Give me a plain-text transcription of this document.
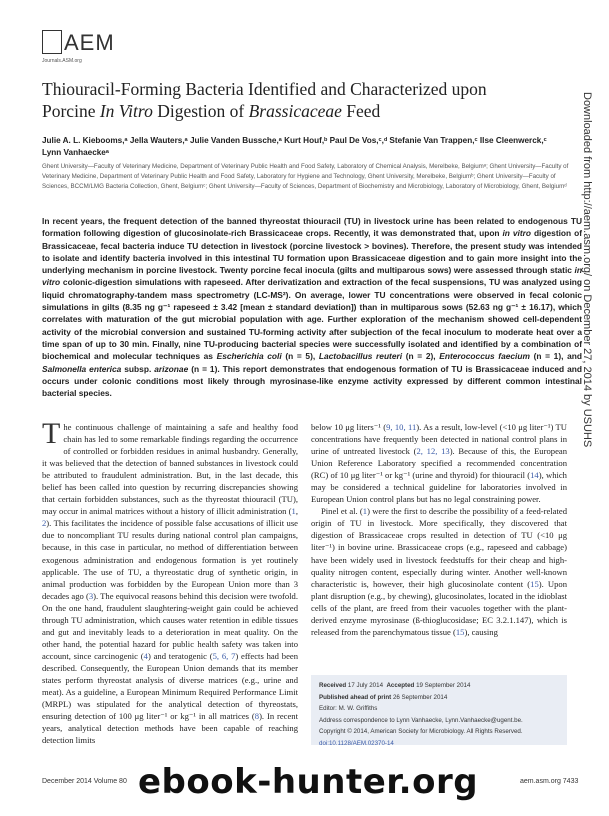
AEM
Journals.ASM.org
Downloaded from http://aem.asm.org/ on December 27, 2014 by USUHS
Thiouracil-Forming Bacteria Identified and Characterized upon
Porcine In Vitro Digestion of Brassicaceae Feed
Julie A. L. Kiebooms,ᵃ Jella Wauters,ᵃ Julie Vanden Bussche,ᵃ Kurt Houf,ᵇ Paul De Vos,ᶜ,ᵈ Stefanie Van Trappen,ᶜ Ilse Cleenwerck,ᶜ
Lynn Vanhaeckeᵃ
Ghent University—Faculty of Veterinary Medicine, Department of Veterinary Public Health and Food Safety, Laboratory of Chemical Analysis, Merelbeke, Belgiumᵃ; Ghent University—Faculty of Veterinary Medicine, Department of Veterinary Public Health and Food Safety, Laboratory for Hygiene and Technology, Ghent University, Merelbeke, Belgiumᵇ; Ghent University—Faculty of Sciences, BCCM/LMG Bacteria Collection, Ghent, Belgiumᶜ; Ghent University—Faculty of Sciences, Department of Biochemistry and Microbiology, Laboratory of Microbiology, Ghent, Belgiumᵈ
In recent years, the frequent detection of the banned thyreostat thiouracil (TU) in livestock urine has been related to endogenous TU formation following digestion of glucosinolate-rich Brassicaceae crops. Recently, it was demonstrated that, upon in vitro digestion of Brassicaceae, fecal bacteria induce TU detection in livestock (porcine livestock > bovines). Therefore, the present study was intended to isolate and identify bacteria involved in this intestinal TU formation upon Brassicaceae digestion and to gain more insight into the underlying mechanism in porcine livestock. Twenty porcine fecal inocula (gilts and multiparous sows) were assessed through static in vitro colonic-digestion simulations with rapeseed. After derivatization and extraction of the fecal suspensions, TU was analyzed using liquid chromatography-tandem mass spectrometry (LC-MS²). On average, lower TU concentrations were observed in fecal colonic simulations in gilts (8.35 ng g⁻¹ rapeseed ± 3.42 [mean ± standard deviation]) than in multiparous sows (52.63 ng g⁻¹ ± 16.17), which correlates with maturation of the gut microbial population with age. Further exploration of the mechanism showed cell-dependent activity of the microbial conversion and sustained TU-forming activity after subjection of the fecal inoculum to moderate heat over a time span of up to 30 min. Finally, nine TU-producing bacterial species were successfully isolated and identified by a combination of biochemical and molecular techniques as Escherichia coli (n = 5), Lactobacillus reuteri (n = 2), Enterococcus faecium (n = 1), and Salmonella enterica subsp. arizonae (n = 1). This report demonstrates that endogenous formation of TU is Brassicaceae induced and occurs under colonic conditions most likely through myrosinase-like enzyme activity expressed by different common intestinal bacterial species.
The continuous challenge of maintaining a safe and healthy food chain has led to some remarkable findings regarding the occurrence of controlled or forbidden residues in animal husbandry. Generally, it was believed that the detection of banned substances in livestock could be attributed to fraudulent administration. But, in the last decade, this belief has been called into question by recurring discrepancies showing that certain forbidden substances, such as the thyreostat thiouracil (TU), may occur in animal matrices without a history of illicit administration (1, 2). This facilitates the incidence of possible false accusations of illicit use due to noncompliant TU results during national control plan campaigns, because, in this case in particular, no method of differentiation between exogenous administration and endogenous formation is yet routinely applicable. The use of TU, a thyreostatic drug of synthetic origin, in animal production was forbidden by the European Union more than 3 decades ago (3). The equivocal reasons behind this decision were twofold. On the one hand, fraudulent slaughtering-weight gain could be achieved through TU administration, which causes water retention in edible tissues and gut and inevitably leads to a deterioration in meat quality. On the other hand, the potential hazard for public health safety was taken into account, since carcinogenic (4) and teratogenic (5, 6, 7) effects had been described. Consequently, the European Union demands that its member states perform thyreostat analysis of diverse matrices (e.g., urine and meat). As a guideline, a European Minimum Required Performance Limit (MRPL) was stipulated for the analytical detection of thyreostats, ensuring detection of 100 μg liter⁻¹ or kg⁻¹ in all matrices (8). In recent years, analytical detection methods have been capable of reaching detection limits
below 10 μg liters⁻¹ (9, 10, 11). As a result, low-level (<10 μg liter⁻¹) TU concentrations have frequently been detected in national control plans in urine of untreated livestock (2, 12, 13). Because of this, the European Union Reference Laboratory specified a recommended concentration (RC) of 10 μg liter⁻¹ or kg⁻¹ (urine and thyroid) for thiouracil (14), which may be considered a technical guideline for laboratories involved in European Union control plans but has no legal constraining power.
Pinel et al. (1) were the first to describe the possibility of a feed-related origin of TU in livestock. More specifically, they discovered that digestion of Brassicaceae crops resulted in detection of TU (<10 μg liter⁻¹) in bovine urine. Brassicaceae crops (e.g., rapeseed and cabbage) have been widely used in livestock feedstuffs for their cheap and high-quality nitrogen content, especially during winter. Another well-known characteristic is, however, their high glucosinolate content (15). Upon plant disruption (e.g., by chewing), glucosinolates, located in the idioblast cells of the plant, are freed from their vacuoles together with the plant-derived enzyme myrosinase (ß-thioglucosidase; EC 3.2.1.147), which is released from the parenchymatous tissue (15), causing
Received 17 July 2014 Accepted 19 September 2014
Published ahead of print 26 September 2014
Editor: M. W. Griffiths
Address correspondence to Lynn Vanhaecke, Lynn.Vanhaecke@ugent.be.
Copyright © 2014, American Society for Microbiology. All Rights Reserved.
doi:10.1128/AEM.02370-14
December 2014 Volume 80	aem.asm.org 7433
ebook-hunter.org
